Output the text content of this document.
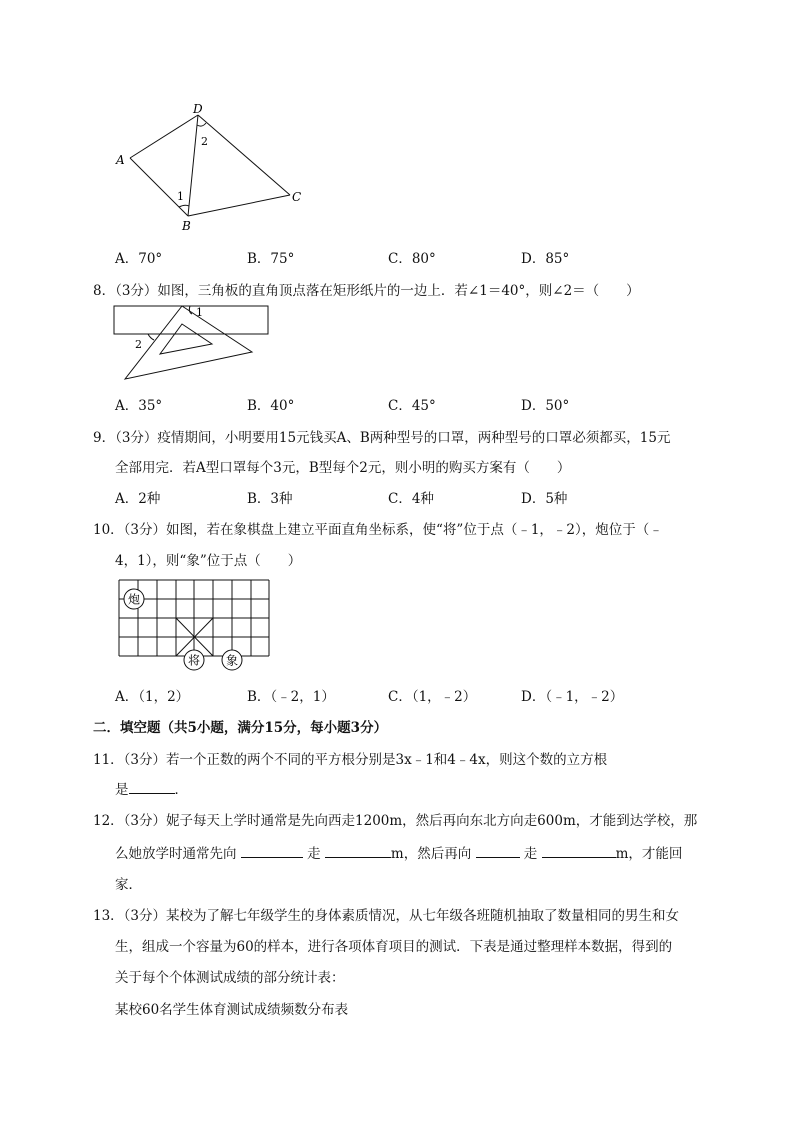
D
A
C
B
1
2
A．70°	B．75°	C．80°	D．85°
8．（3分）如图，三角板的直角顶点落在矩形纸片的一边上．若∠1＝40°，则∠2＝（　　）
1
2
A．35°	B．40°	C．45°	D．50°
9．（3分）疫情期间，小明要用15元钱买A、B两种型号的口罩，两种型号的口罩必须都买，15元
全部用完．若A型口罩每个3元，B型每个2元，则小明的购买方案有（　　）
A．2种	B．3种	C．4种	D．5种
10．（3分）如图，若在象棋盘上建立平面直角坐标系，使“将”位于点（﹣1，﹣2），炮位于（﹣
4，1），则“象”位于点（　　）
炮
将 象
A．（1，2）	B．（﹣2，1）	C．（1，﹣2）	D．（﹣1，﹣2）
二．填空题（共5小题，满分15分，每小题3分）
11．（3分）若一个正数的两个不同的平方根分别是3x﹣1和4﹣4x，则这个数的立方根
是	．
12．（3分）妮子每天上学时通常是先向西走1200m，然后再向东北方向走600m，才能到达学校，那
么她放学时通常先向	走	m，然后再向	走	m，才能回
家．
13．（3分）某校为了解七年级学生的身体素质情况，从七年级各班随机抽取了数量相同的男生和女
生，组成一个容量为60的样本，进行各项体育项目的测试．下表是通过整理样本数据，得到的
关于每个个体测试成绩的部分统计表：
某校60名学生体育测试成绩频数分布表
